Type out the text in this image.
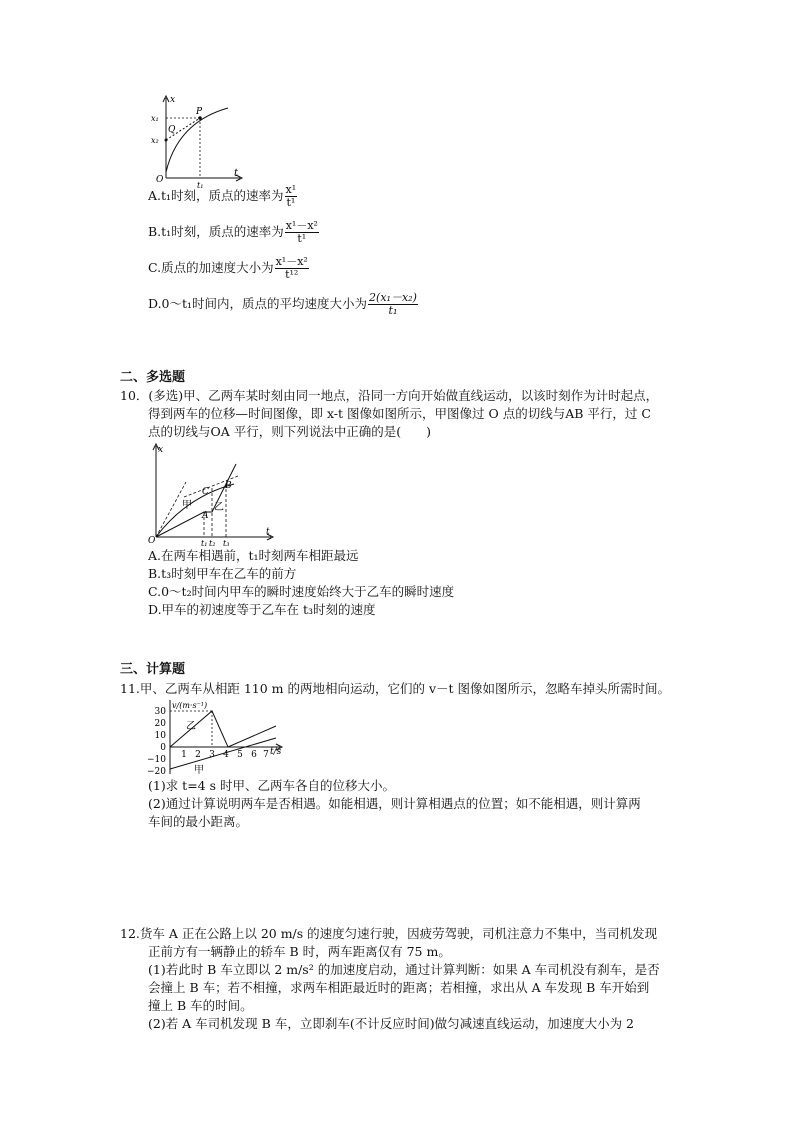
x
t
O
x₁
x₂
P
Q
t₁
A.t₁时刻，质点的速率为 $\frac{\text{x¹}}{\text{t¹}}$
B.t₁时刻，质点的速率为 $\frac{\text{x¹－x²}}{\text{t¹}}$
C.质点的加速度大小为 $\frac{\text{x¹－x²}}{\text{t¹²}}$
D.0～t₁时间内，质点的平均速度大小为 $\frac{\text{2(x₁－x₂)}}{\text{t₁}}$
二、多选题
10．(多选)甲、乙两车某时刻由同一地点，沿同一方向开始做直线运动，以该时刻作为计时起点，
得到两车的位移—时间图像，即 x-t 图像如图所示，甲图像过 O 点的切线与AB 平行，过 C
点的切线与OA 平行，则下列说法中正确的是(　　)
x
t
O
甲 乙
C
B
A
t₁ t₂ t₃
A.在两车相遇前，t₁时刻两车相距最远
B.t₃时刻甲车在乙车的前方
C.0～t₂时间内甲车的瞬时速度始终大于乙车的瞬时速度
D.甲车的初速度等于乙车在 t₃时刻的速度
三、计算题
11.甲、乙两车从相距 110 m 的两地相向运动，它们的 v－t 图像如图所示，忽略车掉头所需时间。
v/(m·s⁻¹)
t/s
乙
甲
30
20
10
0
−10
−20
1 2 3 4 5 6 7
(1)求 t=4 s 时甲、乙两车各自的位移大小。
(2)通过计算说明两车是否相遇。如能相遇，则计算相遇点的位置；如不能相遇，则计算两
车间的最小距离。
12.货车 A 正在公路上以 20 m/s 的速度匀速行驶，因疲劳驾驶，司机注意力不集中，当司机发现
正前方有一辆静止的轿车 B 时，两车距离仅有 75 m。
(1)若此时 B 车立即以 2 m/s² 的加速度启动，通过计算判断：如果 A 车司机没有刹车，是否
会撞上 B 车；若不相撞，求两车相距最近时的距离；若相撞，求出从 A 车发现 B 车开始到
撞上 B 车的时间。
(2)若 A 车司机发现 B 车，立即刹车(不计反应时间)做匀减速直线运动，加速度大小为 2
